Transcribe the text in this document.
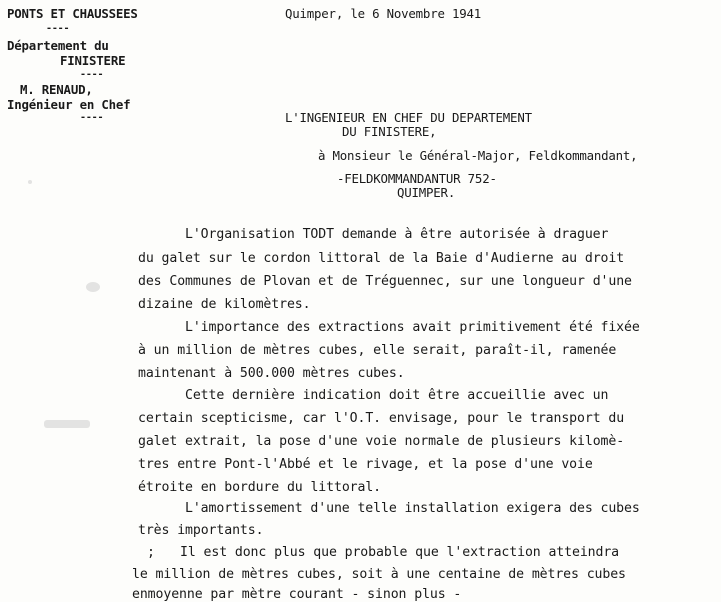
PONTS ET CHAUSSEES
----
Département du
FINISTERE
----
M. RENAUD,
Ingénieur en Chef
----
Quimper, le 6 Novembre 1941
L'INGENIEUR EN CHEF DU DEPARTEMENT
DU FINISTERE,
à Monsieur le Général-Major, Feldkommandant,
-FELDKOMMANDANTUR 752-
QUIMPER.
L'Organisation TODT demande à être autorisée à draguer
du galet sur le cordon littoral de la Baie d'Audierne au droit
des Communes de Plovan et de Tréguennec, sur une longueur d'une
dizaine de kilomètres.
L'importance des extractions avait primitivement été fixée
à un million de mètres cubes, elle serait, paraît-il, ramenée
maintenant à 500.000 mètres cubes.
Cette dernière indication doit être accueillie avec un
certain scepticisme, car l'O.T. envisage, pour le transport du
galet extrait, la pose d'une voie normale de plusieurs kilomè-
tres entre Pont-l'Abbé et le rivage, et la pose d'une voie
étroite en bordure du littoral.
L'amortissement d'une telle installation exigera des cubes
très importants.
; Il est donc plus que probable que l'extraction atteindra
le million de mètres cubes, soit à une centaine de mètres cubes
enmoyenne par mètre courant - sinon plus -
